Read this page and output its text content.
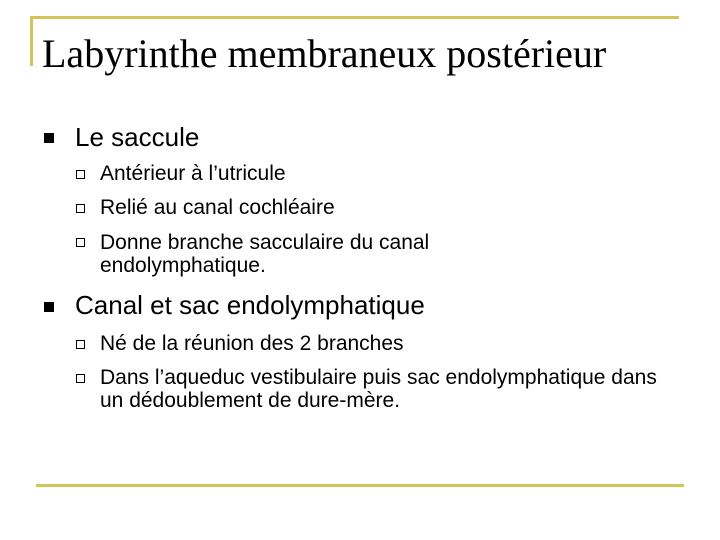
Labyrinthe membraneux postérieur
Le saccule
Antérieur à l’utricule
Relié au canal cochléaire
Donne branche sacculaire du canal endolymphatique.
Canal et sac endolymphatique
Né de la réunion des 2 branches
Dans l’aqueduc vestibulaire puis sac endolymphatique dans un dédoublement de dure-mère.
